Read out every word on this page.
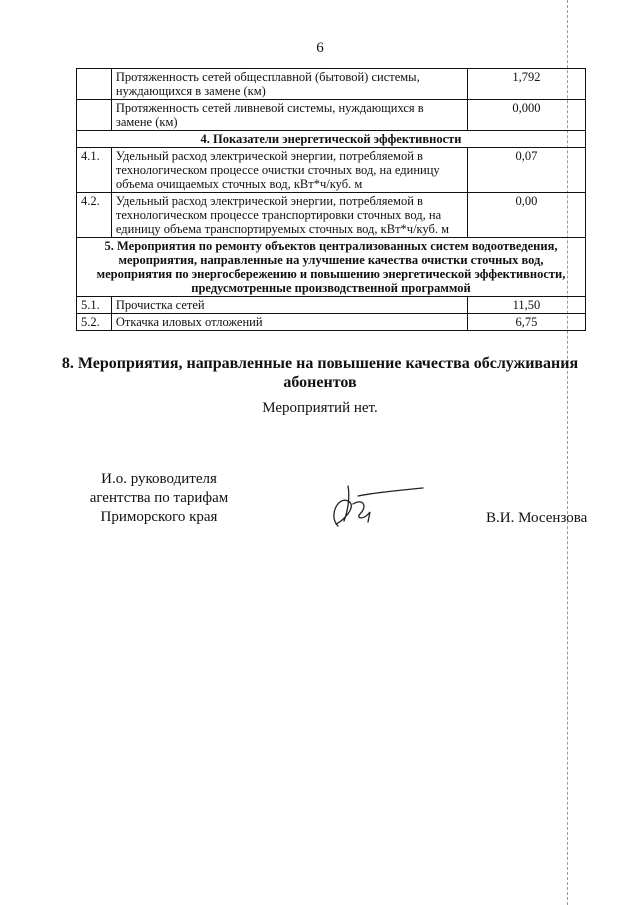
6
	Протяженность сетей общесплавной (бытовой) системы, нуждающихся в замене (км)	1,792
	Протяженность сетей ливневой системы, нуждающихся в замене (км)	0,000
4. Показатели энергетической эффективности		
4.1.	Удельный расход электрической энергии, потребляемой в технологическом процессе очистки сточных вод, на единицу объема очищаемых сточных вод, кВт*ч/куб. м	0,07
4.2.	Удельный расход электрической энергии, потребляемой в технологическом процессе транспортировки сточных вод, на единицу объема транспортируемых сточных вод, кВт*ч/куб. м	0,00
5. Мероприятия по ремонту объектов централизованных систем водоотведения, мероприятия, направленные на улучшение качества очистки сточных вод, мероприятия по энергосбережению и повышению энергетической эффективности, предусмотренные производственной программой		
5.1.	Прочистка сетей	11,50
5.2.	Откачка иловых отложений	6,75
8. Мероприятия, направленные на повышение качества обслуживания абонентов
Мероприятий нет.
И.о. руководителя
агентства по тарифам
Приморского края	В.И. Мосензова
